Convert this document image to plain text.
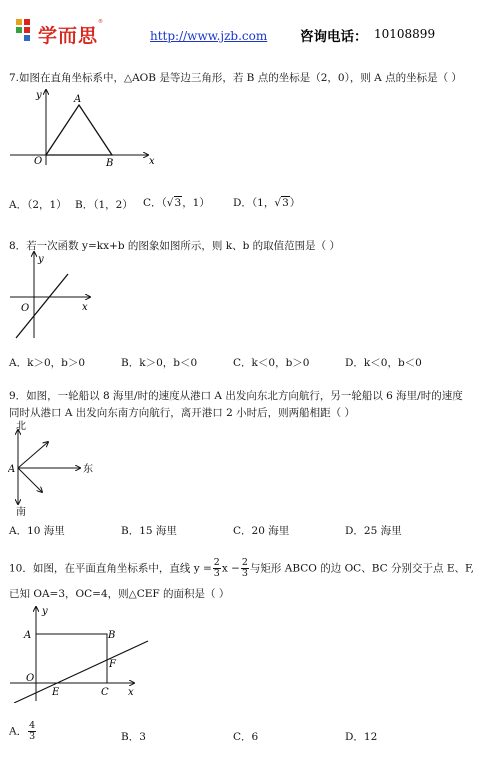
学而思
®
http://www.jzb.com 咨询电话： 10108899
7.如图在直角坐标系中，△AOB 是等边三角形，若 B 点的坐标是（2，0），则 A 点的坐标是（ ）
y
x
A
O	B
A．（2，1） B．（1，2） C．（√3，1） D．（1，√3）
8．若一次函数 y=kx+b 的图象如图所示，则 k、b 的取值范围是（ ）
y
x
O
A．k＞0，b＞0	B．k＞0，b＜0	C．k＜0，b＞0	D．k＜0，b＜0
9．如图，一轮船以 8 海里/时的速度从港口 A 出发向东北方向航行，另一轮船以 6 海里/时的速度
同时从港口 A 出发向东南方向航行，离开港口 2 小时后，则两船相距（ ）
北
东
南
A
A．10 海里	B．15 海里	C．20 海里	D．25 海里
10．如图，在平面直角坐标系中，直线 $y = \frac{2}{3}$ $x - \frac{2}{3}$ 与矩形 ABCO 的边 OC、BC 分别交于点 E、F,
已知 OA=3，OC=4，则△CEF 的面积是（ ）
y
x
A	B
F
O
E	C
A． $\frac{4}{3}$	B．3	C．6	D．12
